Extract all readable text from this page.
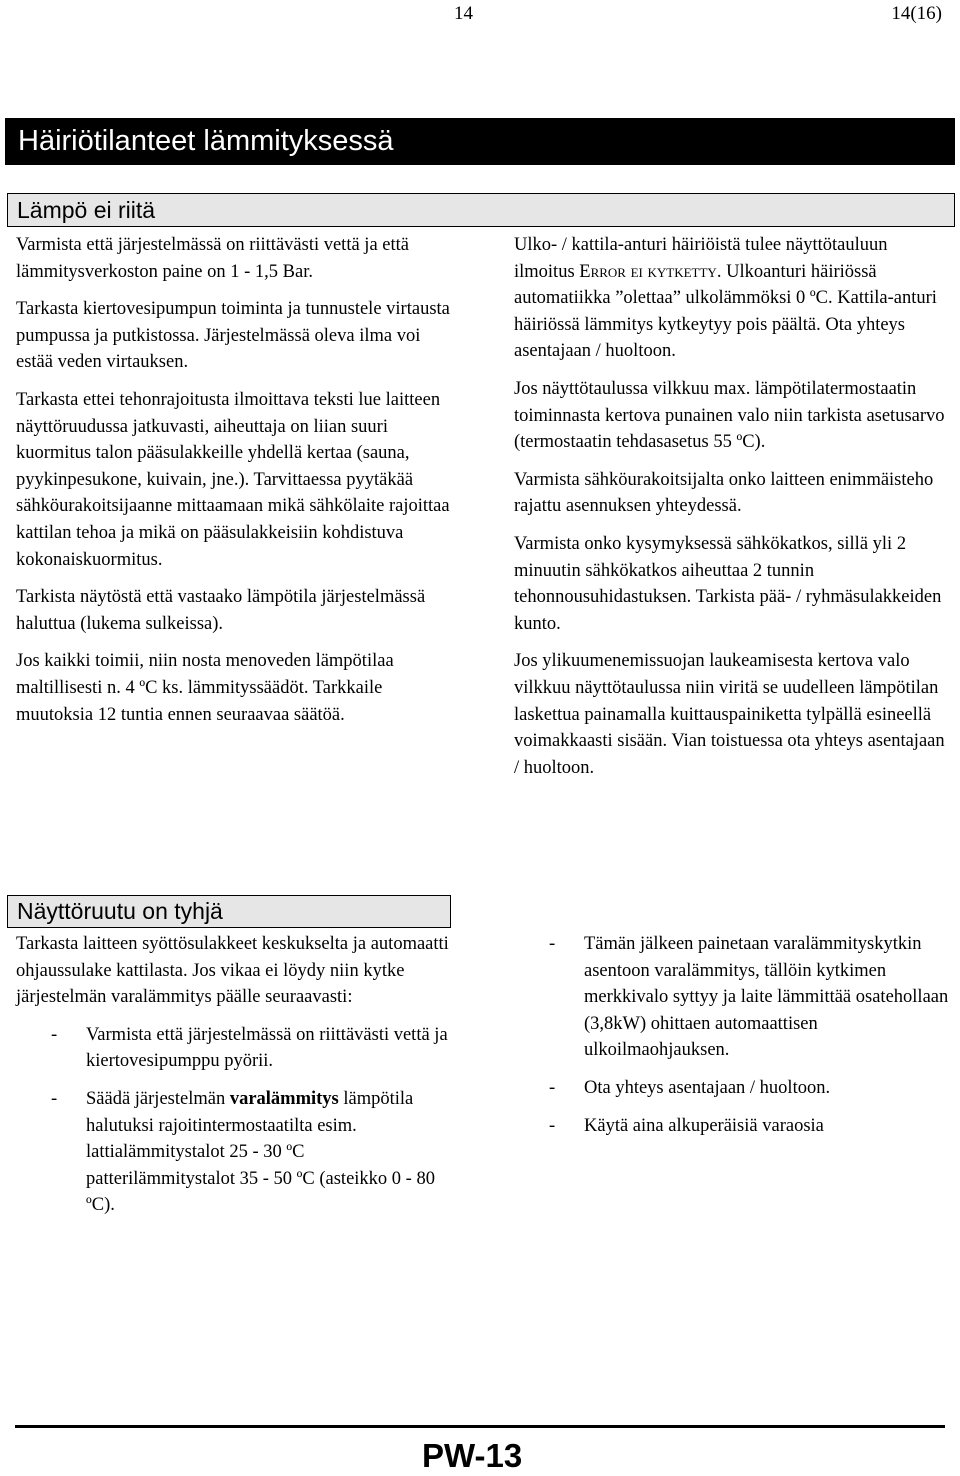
14	14(16)
Häiriötilanteet lämmityksessä
Lämpö ei riitä

Varmista että järjestelmässä on riittävästi vettä ja että lämmitysverkoston paine on 1 - 1,5 Bar.

Tarkasta kiertovesipumpun toiminta ja tunnustele virtausta pumpussa ja putkistossa. Järjestelmässä oleva ilma voi estää veden virtauksen.

Tarkasta ettei tehonrajoitusta ilmoittava teksti lue laitteen näyttöruudussa jatkuvasti, aiheuttaja on liian suuri kuormitus talon pääsulakkeille yhdellä kertaa (sauna, pyykinpesukone, kuivain, jne.). Tarvittaessa pyytäkää sähköurakoitsijaanne mittaamaan mikä sähkölaite rajoittaa kattilan tehoa ja mikä on pääsulakkeisiin kohdistuva kokonaiskuormitus.

Tarkista näytöstä että vastaako lämpötila järjestelmässä haluttua (lukema sulkeissa).

Jos kaikki toimii, niin nosta menoveden lämpötilaa maltillisesti n. 4 ºC ks. lämmityssäädöt. Tarkkaile muutoksia 12 tuntia ennen seuraavaa säätöä.

Ulko- / kattila-anturi häiriöistä tulee näyttötauluun ilmoitus Error ei kytketty. Ulkoanturi häiriössä automatiikka ”olettaa” ulkolämmöksi 0 ºC. Kattila-anturi häiriössä lämmitys kytkeytyy pois päältä. Ota yhteys asentajaan / huoltoon.

Jos näyttötaulussa vilkkuu max. lämpötilatermostaatin toiminnasta kertova punainen valo niin tarkista asetusarvo (termostaatin tehdasasetus 55 ºC).

Varmista sähköurakoitsijalta onko laitteen enimmäisteho rajattu asennuksen yhteydessä.

Varmista onko kysymyksessä sähkökatkos, sillä yli 2 minuutin sähkökatkos aiheuttaa 2 tunnin tehonnousuhidastuksen. Tarkista pää- / ryhmäsulakkeiden kunto.

Jos ylikuumenemissuojan laukeamisesta kertova valo vilkkuu näyttötaulussa niin viritä se uudelleen lämpötilan laskettua painamalla kuittauspainiketta tylpällä esineellä voimakkaasti sisään. Vian toistuessa ota yhteys asentajaan / huoltoon.

Näyttöruutu on tyhjä

Tarkasta laitteen syöttösulakkeet keskukselta ja automaatti ohjaussulake kattilasta. Jos vikaa ei löydy niin kytke järjestelmän varalämmitys päälle seuraavasti:

- Varmista että järjestelmässä on riittävästi vettä ja kiertovesipumppu pyörii.
- Säädä järjestelmän varalämmitys lämpötila halutuksi rajoitintermostaatilta esim. lattialämmitystalot 25 - 30 ºC patterilämmitystalot 35 - 50 ºC (asteikko 0 - 80 ºC).
- Tämän jälkeen painetaan varalämmityskytkin asentoon varalämmitys, tällöin kytkimen merkkivalo syttyy ja laite lämmittää osatehollaan (3,8kW) ohittaen automaattisen ulkoilmaohjauksen.
- Ota yhteys asentajaan / huoltoon.
- Käytä aina alkuperäisiä varaosia
PW-13
